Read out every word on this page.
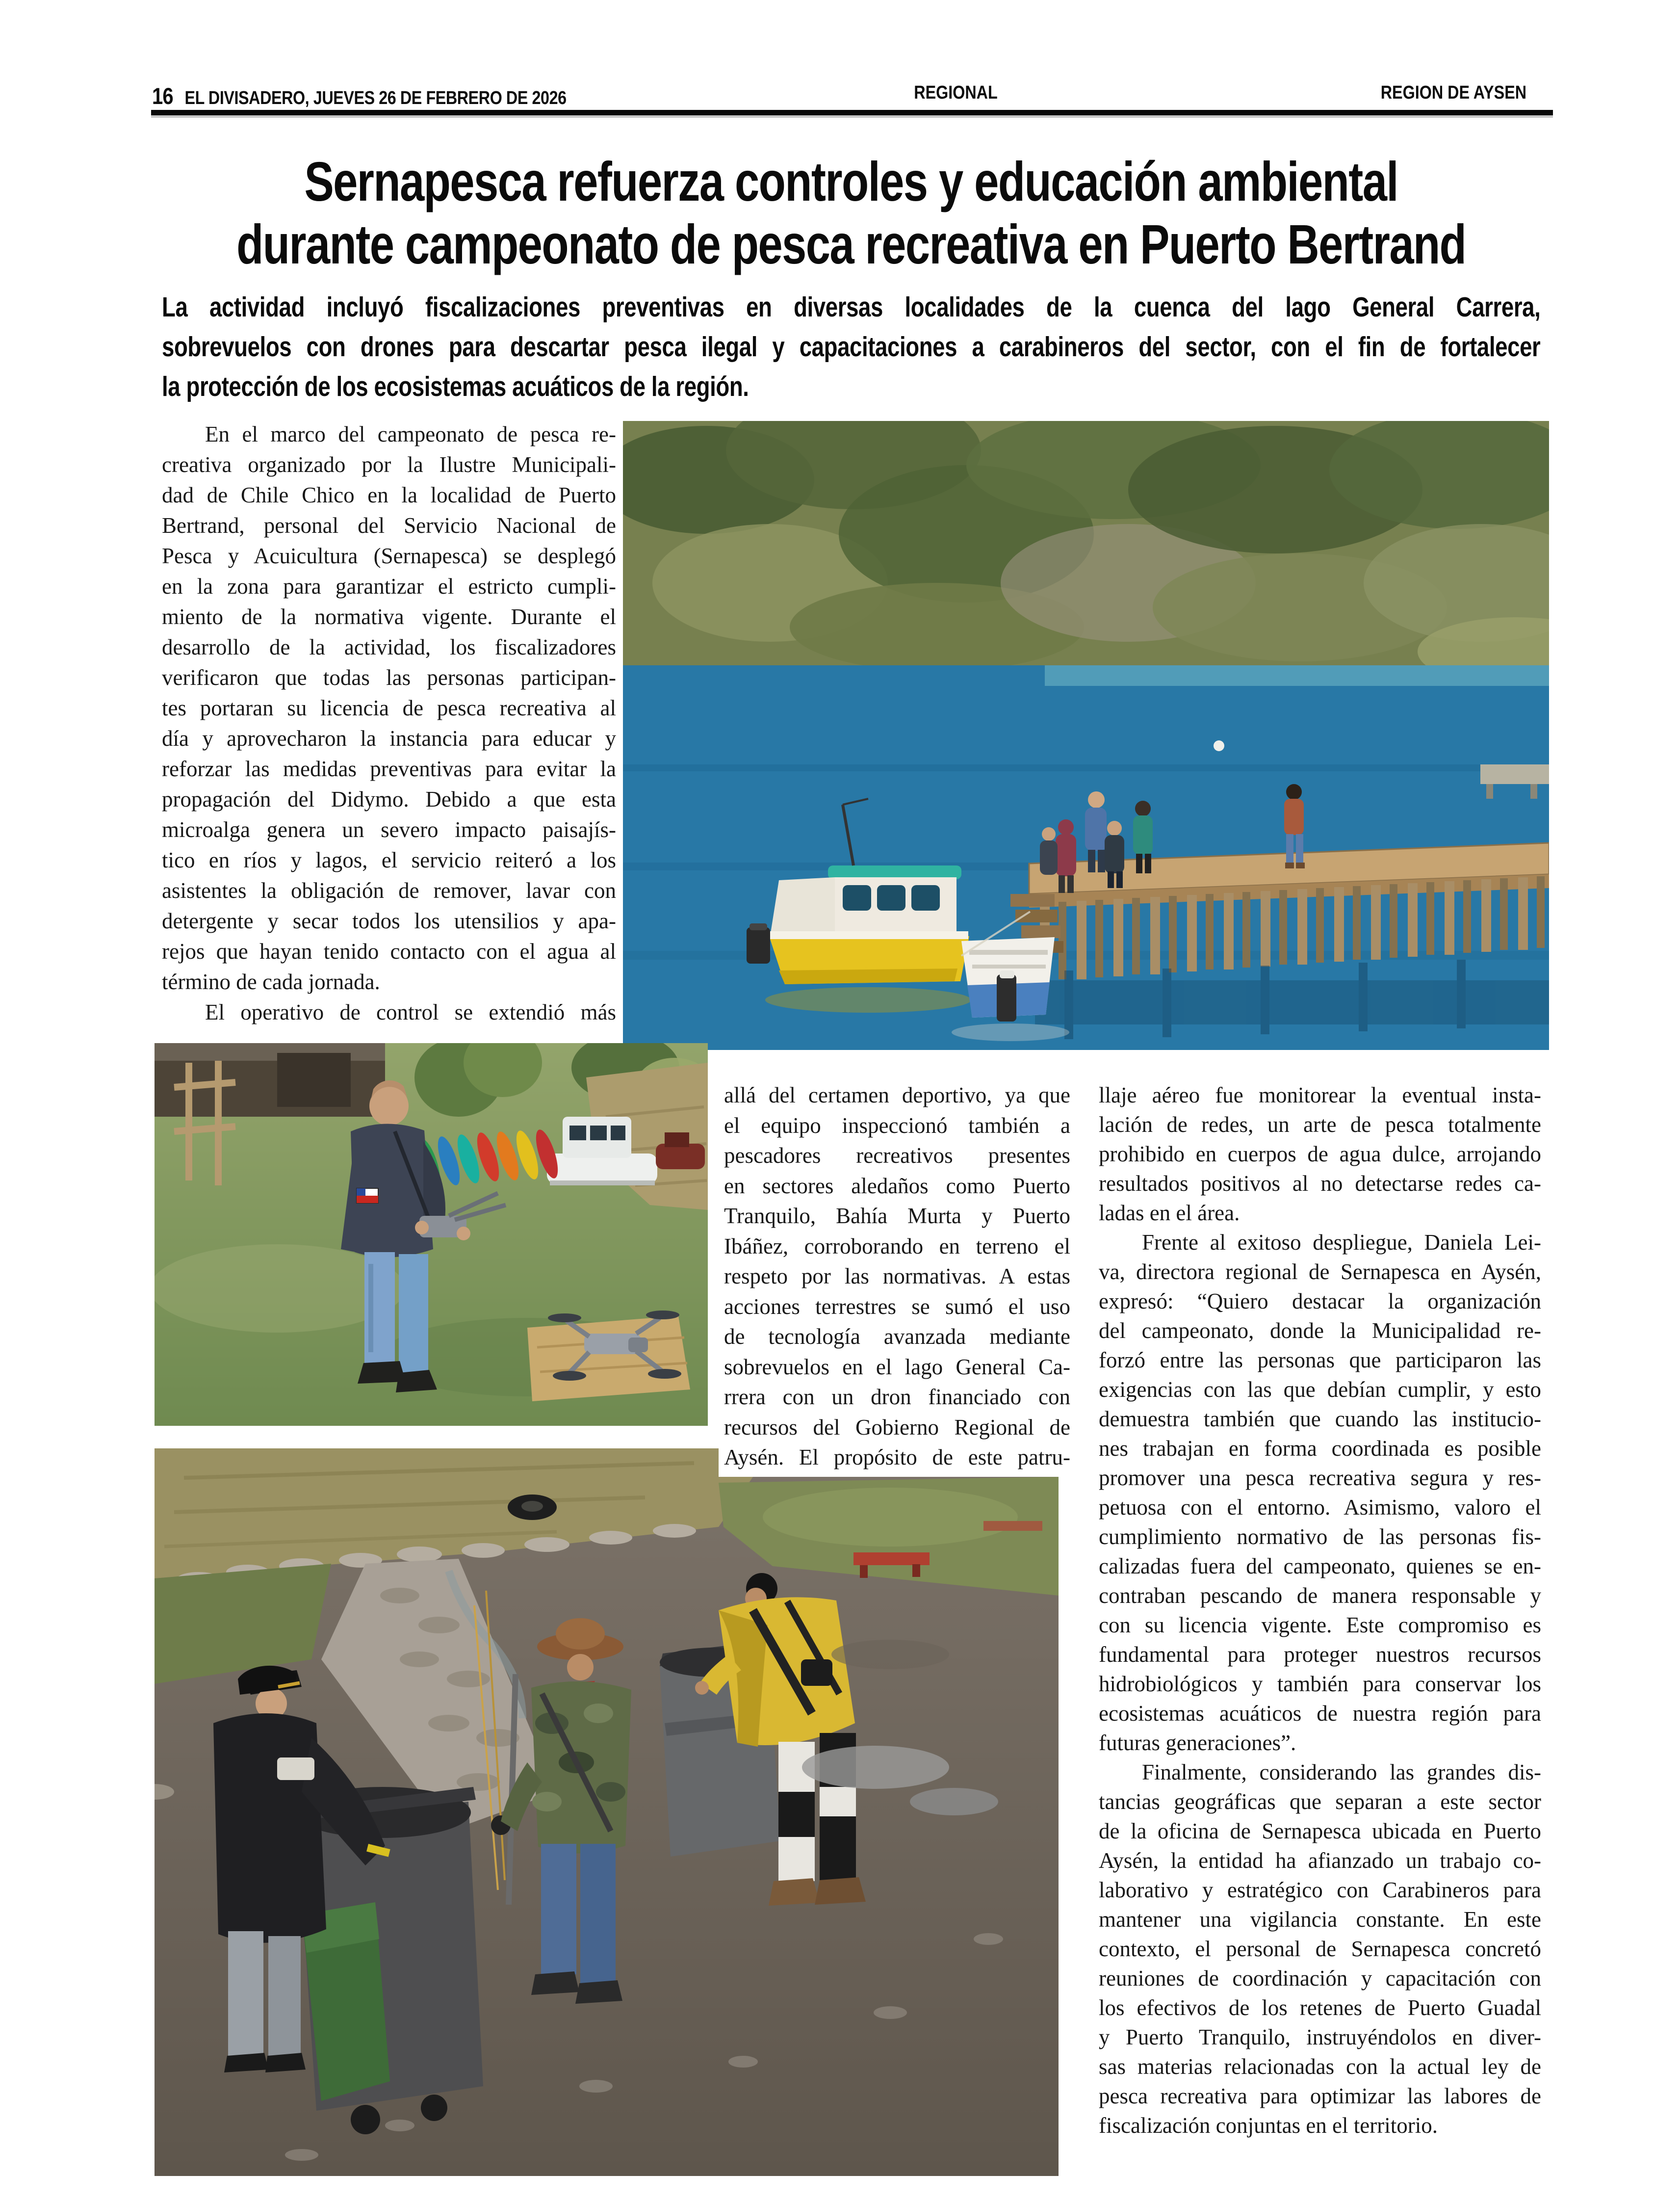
16 EL DIVISADERO, JUEVES 26 DE FEBRERO DE 2026	REGIONAL	REGION DE AYSEN
Sernapesca refuerza controles y educación ambiental
durante campeonato de pesca recreativa en Puerto Bertrand
La actividad incluyó fiscalizaciones preventivas en diversas localidades de la cuenca del lago General Carrera,
sobrevuelos con drones para descartar pesca ilegal y capacitaciones a carabineros del sector, con el fin de fortalecer
la protección de los ecosistemas acuáticos de la región.
En el marco del campeonato de pesca re-
creativa organizado por la Ilustre Municipali-
dad de Chile Chico en la localidad de Puerto
Bertrand, personal del Servicio Nacional de
Pesca y Acuicultura (Sernapesca) se desplegó
en la zona para garantizar el estricto cumpli-
miento de la normativa vigente. Durante el
desarrollo de la actividad, los fiscalizadores
verificaron que todas las personas participan-
tes portaran su licencia de pesca recreativa al
día y aprovecharon la instancia para educar y
reforzar las medidas preventivas para evitar la
propagación del Didymo. Debido a que esta
microalga genera un severo impacto paisajís-
tico en ríos y lagos, el servicio reiteró a los
asistentes la obligación de remover, lavar con
detergente y secar todos los utensilios y apa-
rejos que hayan tenido contacto con el agua al
término de cada jornada.
El operativo de control se extendió más
allá del certamen deportivo, ya que
el equipo inspeccionó también a
pescadores recreativos presentes
en sectores aledaños como Puerto
Tranquilo, Bahía Murta y Puerto
Ibáñez, corroborando en terreno el
respeto por las normativas. A estas
acciones terrestres se sumó el uso
de tecnología avanzada mediante
sobrevuelos en el lago General Ca-
rrera con un dron financiado con
recursos del Gobierno Regional de
Aysén. El propósito de este patru-
llaje aéreo fue monitorear la eventual insta-
lación de redes, un arte de pesca totalmente
prohibido en cuerpos de agua dulce, arrojando
resultados positivos al no detectarse redes ca-
ladas en el área.
Frente al exitoso despliegue, Daniela Lei-
va, directora regional de Sernapesca en Aysén,
expresó: “Quiero destacar la organización
del campeonato, donde la Municipalidad re-
forzó entre las personas que participaron las
exigencias con las que debían cumplir, y esto
demuestra también que cuando las institucio-
nes trabajan en forma coordinada es posible
promover una pesca recreativa segura y res-
petuosa con el entorno. Asimismo, valoro el
cumplimiento normativo de las personas fis-
calizadas fuera del campeonato, quienes se en-
contraban pescando de manera responsable y
con su licencia vigente. Este compromiso es
fundamental para proteger nuestros recursos
hidrobiológicos y también para conservar los
ecosistemas acuáticos de nuestra región para
futuras generaciones”.
Finalmente, considerando las grandes dis-
tancias geográficas que separan a este sector
de la oficina de Sernapesca ubicada en Puerto
Aysén, la entidad ha afianzado un trabajo co-
laborativo y estratégico con Carabineros para
mantener una vigilancia constante. En este
contexto, el personal de Sernapesca concretó
reuniones de coordinación y capacitación con
los efectivos de los retenes de Puerto Guadal
y Puerto Tranquilo, instruyéndolos en diver-
sas materias relacionadas con la actual ley de
pesca recreativa para optimizar las labores de
fiscalización conjuntas en el territorio.
